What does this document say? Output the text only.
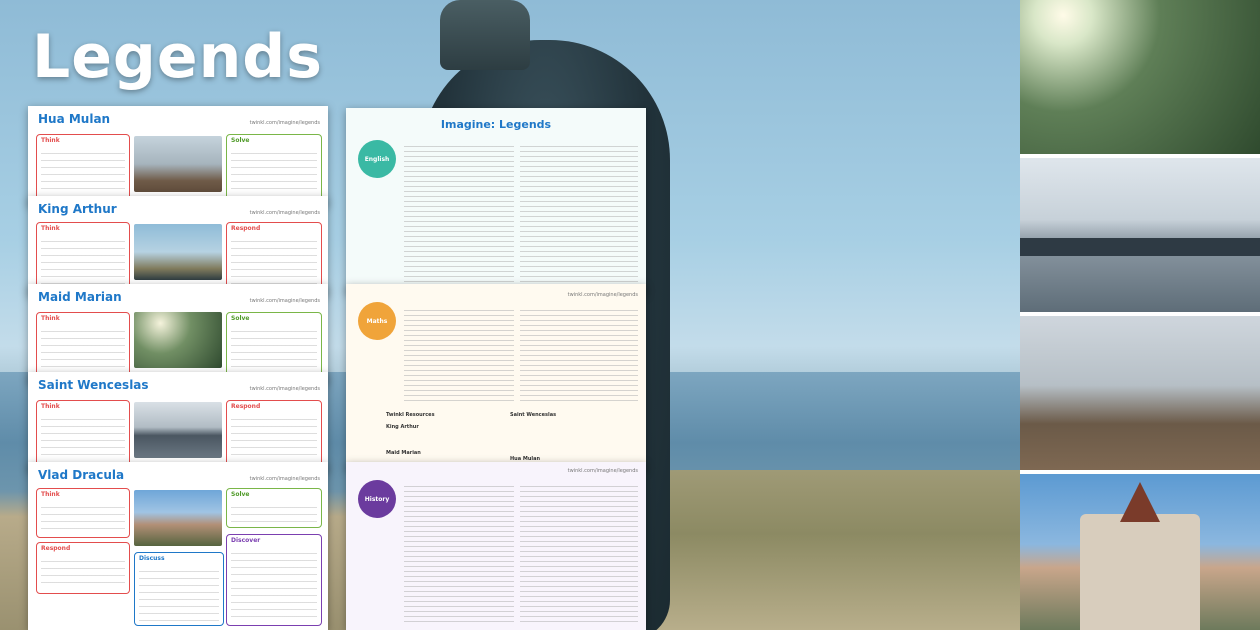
Legends
Hua Mulan	twinkl.com/imagine/legends
Think	Solve
King Arthur	twinkl.com/imagine/legends
Think	Respond
Maid Marian	twinkl.com/imagine/legends
Think	Solve
Saint Wenceslas	twinkl.com/imagine/legends
Think	Respond
Vlad Dracula	twinkl.com/imagine/legends
Think	Solve
Respond
Discuss
Discover
Imagine: Legends
English
twinkl.com/imagine/legends
Maths
Twinkl Resources
King Arthur
Maid Marian
Saint Wenceslas
Hua Mulan
twinkl.com/imagine/legends
History
